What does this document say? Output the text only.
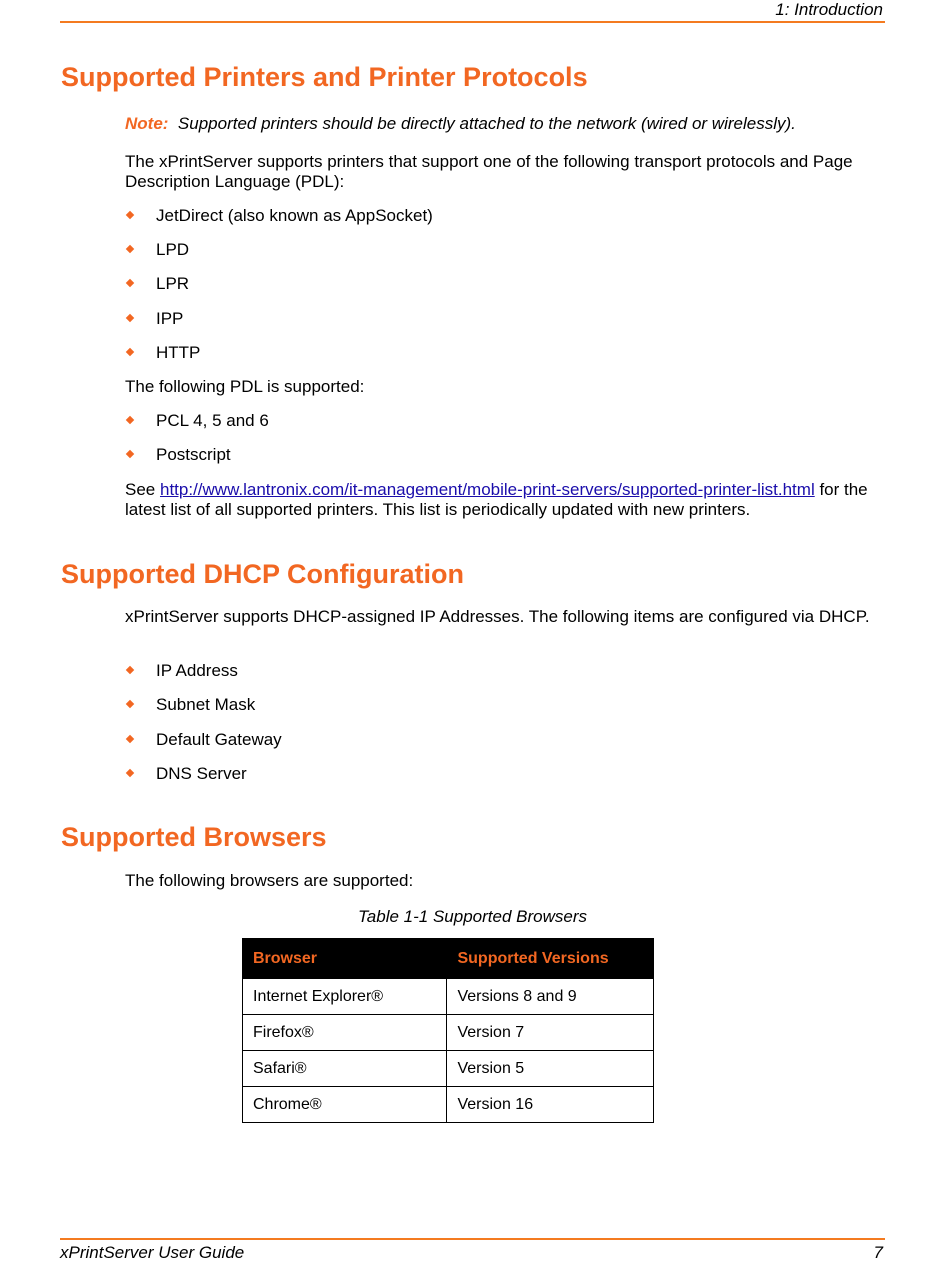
1: Introduction
Supported Printers and Printer Protocols

Note: Supported printers should be directly attached to the network (wired or wirelessly).

The xPrintServer supports printers that support one of the following transport protocols and Page Description Language (PDL):

JetDirect (also known as AppSocket)
LPD
LPR
IPP
HTTP

The following PDL is supported:

PCL 4, 5 and 6
Postscript

See http://www.lantronix.com/it-management/mobile-print-servers/supported-printer-list.html for the latest list of all supported printers. This list is periodically updated with new printers.

Supported DHCP Configuration

xPrintServer supports DHCP-assigned IP Addresses. The following items are configured via DHCP.

IP Address
Subnet Mask
Default Gateway
DNS Server
Supported Browsers

The following browsers are supported:

Table 1-1 Supported Browsers
Browser	Supported Versions
Internet Explorer®	Versions 8 and 9
Firefox®	Version 7
Safari®	Version 5
Chrome®	Version 16
xPrintServer User Guide	7
